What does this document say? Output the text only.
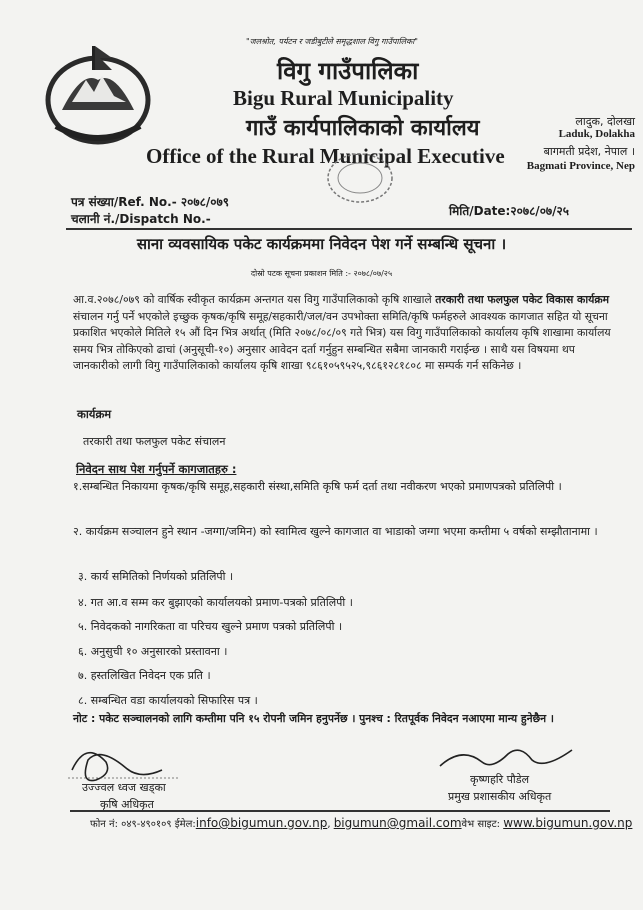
"जलश्रोत, पर्यटन र जडीबुटीले समृद्धशाल विगु गाउँपालिका"
विगु गाउँपालिका
Bigu Rural Municipality
गाउँ कार्यपालिकाको कार्यालय
Office of the Rural Municipal Executive
लादुक, दोलखा
Laduk, Dolakha
बागमती प्रदेश, नेपाल ।
Bagmati Province, Nep
पत्र संख्या/Ref. No.- २०७८/०७९
चलानी नं./Dispatch No.-
मिति/Date:२०७८/०७/२५
साना व्यवसायिक पकेट कार्यक्रममा निवेदन पेश गर्ने सम्बन्धि सूचना ।
दोस्रो पटक सूचना प्रकाशन मिति :- २०७८/०७/२५
आ.व.२०७८/०७९ को वार्षिक स्वीकृत कार्यक्रम अन्तगत यस विगु गाउँपालिकाको कृषि शाखाले तरकारी तथा फलफुल पकेट विकास कार्यक्रम संचालन गर्नु पर्ने भएकोले इच्छुक कृषक/कृषि समूह/सहकारी/जल/वन उपभोक्ता समिति/कृषि फर्महरुले आवश्यक कागजात सहित यो सूचना प्रकाशित भएकोले मितिले १५ औं दिन भित्र अर्थात् (मिति २०७८/०८/०९ गते भित्र) यस विगु गाउँपालिकाको कार्यालय कृषि शाखामा कार्यालय समय भित्र तोकिएको ढाचां (अनुसूची-१०) अनुसार आवेदन दर्ता गर्नुहुन सम्बन्धित सबैमा जानकारी गराईन्छ । साथै यस विषयमा थप जानकारीको लागी विगु गाउँपालिकाको कार्यालय कृषि शाखा ९८६१०५९५२५,९८६१२८१८०८ मा सम्पर्क गर्न सकिनेछ ।
कार्यक्रम
तरकारी तथा फलफुल पकेट संचालन
निवेदन साथ पेश गर्नुपर्ने कागजातहरु :
१.सम्बन्धित निकायमा कृषक/कृषि समूह,सहकारी संस्था,समिति कृषि फर्म दर्ता तथा नवीकरण भएको प्रमाणपत्रको प्रतिलिपी ।
२. कार्यक्रम सञ्चालन हुने स्थान -जग्गा/जमिन) को स्वामित्व खुल्ने कागजात वा भाडाको जग्गा भएमा कम्तीमा ५ वर्षको सम्झौतानामा ।
३. कार्य समितिको निर्णयको प्रतिलिपी ।
४. गत आ.व सम्म कर बुझाएको कार्यालयको प्रमाण-पत्रको प्रतिलिपी ।
५. निवेदकको नागरिकता वा परिचय खुल्ने प्रमाण पत्रको प्रतिलिपी ।
६. अनुसुची १० अनुसारको प्रस्तावना ।
७. हस्तलिखित निवेदन एक प्रति ।
८. सम्बन्धित वडा कार्यालयको सिफारिस पत्र ।
नोट : पकेट सञ्चालनको लागि कम्तीमा पनि १५ रोपनी जमिन हनुपर्नेछ । पुनश्च : रितपूर्वक निवेदन नआएमा मान्य हुनेछैन ।
उज्ज्वल ध्वज खड्का
कृषि अधिकृत
कृष्णहरि पौडेल
प्रमुख प्रशासकीय अधिकृत
फोन नं: ०४९-४९०१०९ ईमेल:info@bigumun.gov.np, bigumun@gmail.comवेभ साइट: www.bigumun.gov.np
